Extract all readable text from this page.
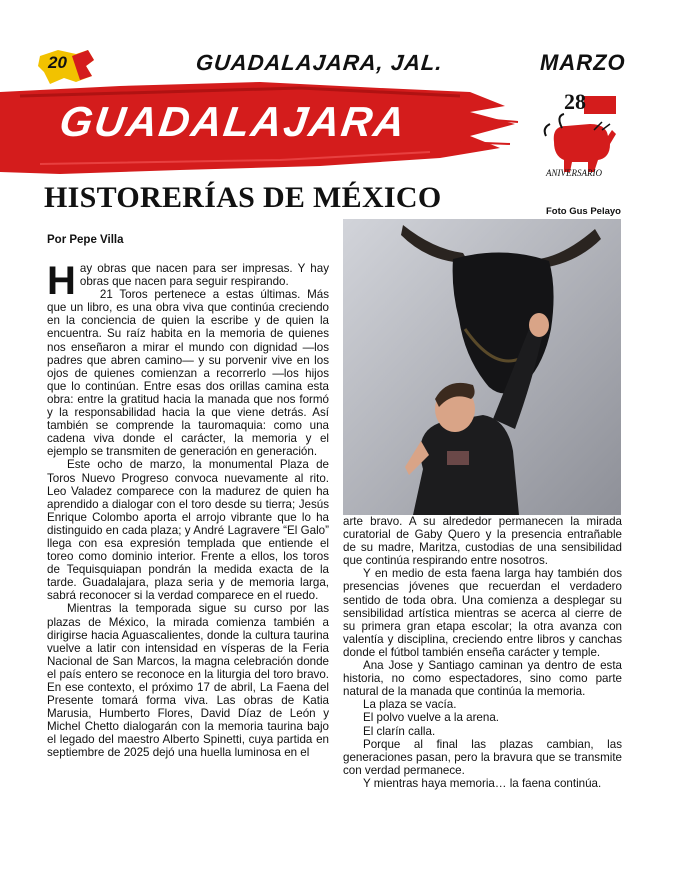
20	GUADALAJARA, JAL.	MARZO
GUADALAJARA	28
ANIVERSARIO
HISTORERÍAS DE MÉXICO	Foto Gus Pelayo
Por Pepe Villa

Hay obras que nacen para ser impresas. Y hay obras que nacen para seguir respirando.

21 Toros pertenece a estas últimas. Más que un libro, es una obra viva que continúa creciendo en la conciencia de quien la escribe y de quien la encuentra. Su raíz habita en la memoria de quienes nos enseñaron a mirar el mundo con dignidad —los padres que abren camino— y su porvenir vive en los ojos de quienes comienzan a recorrerlo —los hijos que lo continúan. Entre esas dos orillas camina esta obra: entre la gratitud hacia la manada que nos formó y la responsabilidad hacia la que viene detrás. Así también se comprende la tauromaquia: como una cadena viva donde el carácter, la memoria y el ejemplo se transmiten de generación en generación.

Este ocho de marzo, la monumental Plaza de Toros Nuevo Progreso convoca nuevamente al rito. Leo Valadez comparece con la madurez de quien ha aprendido a dialogar con el toro desde su tierra; Jesús Enrique Colombo aporta el arrojo vibrante que lo ha distinguido en cada plaza; y André Lagravere “El Galo” llega con esa expresión templada que entiende el toreo como dominio interior. Frente a ellos, los toros de Tequisquiapan pondrán la medida exacta de la tarde. Guadalajara, plaza seria y de memoria larga, sabrá reconocer si la verdad comparece en el ruedo.

Mientras la temporada sigue su curso por las plazas de México, la mirada comienza también a dirigirse hacia Aguascalientes, donde la cultura taurina vuelve a latir con intensidad en vísperas de la Feria Nacional de San Marcos, la magna celebración donde el país entero se reconoce en la liturgia del toro bravo. En ese contexto, el próximo 17 de abril, La Faena del Presente tomará forma viva. Las obras de Katia Marusia, Humberto Flores, David Díaz de León y Michel Chetto dialogarán con la memoria taurina bajo el legado del maestro Alberto Spinetti, cuya partida en septiembre de 2025 dejó una huella luminosa en el

arte bravo. A su alrededor permanecen la mirada curatorial de Gaby Quero y la presencia entrañable de su madre, Maritza, custodias de una sensibilidad que continúa respirando entre nosotros.

Y en medio de esta faena larga hay también dos presencias jóvenes que recuerdan el verdadero sentido de toda obra. Una comienza a desplegar su sensibilidad artística mientras se acerca al cierre de su primera gran etapa escolar; la otra avanza con valentía y disciplina, creciendo entre libros y canchas donde el fútbol también enseña carácter y temple.

Ana Jose y Santiago caminan ya dentro de esta historia, no como espectadores, sino como parte natural de la manada que continúa la memoria.

La plaza se vacía.

El polvo vuelve a la arena.

El clarín calla.

Porque al final las plazas cambian, las generaciones pasan, pero la bravura que se transmite con verdad permanece.

Y mientras haya memoria… la faena continúa.
